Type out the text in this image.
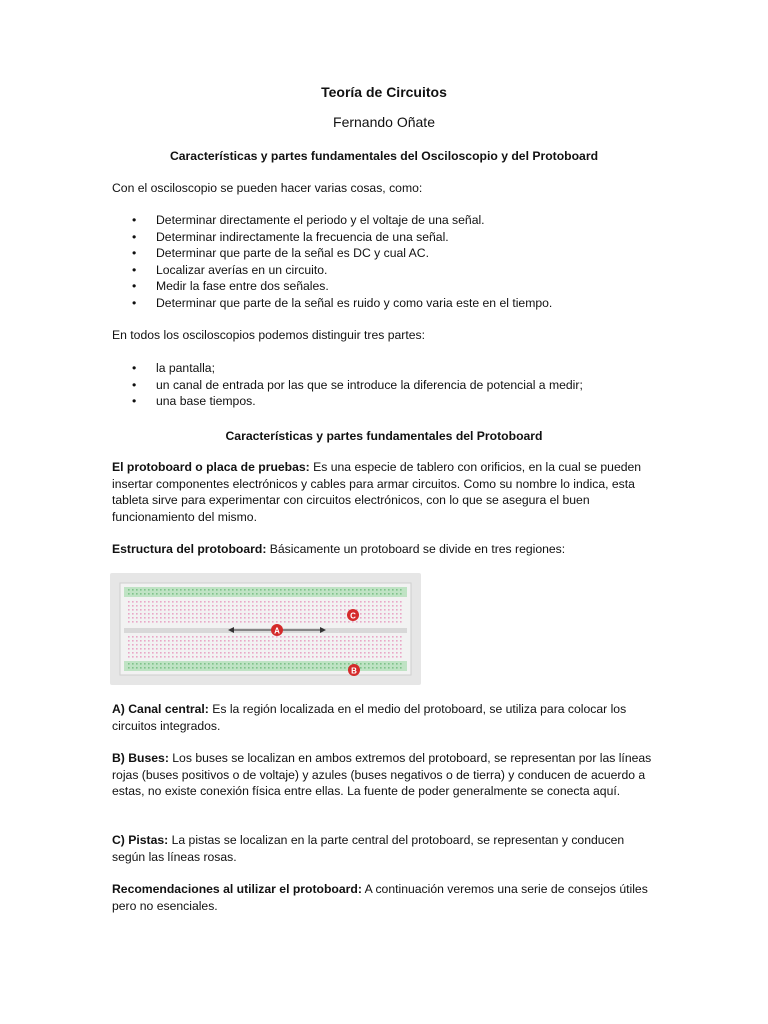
Teoría de Circuitos
Fernando Oñate
Características y partes fundamentales del Osciloscopio y del Protoboard
Con el osciloscopio se pueden hacer varias cosas, como:
• Determinar directamente el periodo y el voltaje de una señal.
• Determinar indirectamente la frecuencia de una señal.
• Determinar que parte de la señal es DC y cual AC.
• Localizar averías en un circuito.
• Medir la fase entre dos señales.
• Determinar que parte de la señal es ruido y como varia este en el tiempo.
En todos los osciloscopios podemos distinguir tres partes:
• la pantalla;
• un canal de entrada por las que se introduce la diferencia de potencial a medir;
• una base tiempos.
Características y partes fundamentales del Protoboard
El protoboard o placa de pruebas: Es una especie de tablero con orificios, en la cual se pueden insertar componentes electrónicos y cables para armar circuitos. Como su nombre lo indica, esta tableta sirve para experimentar con circuitos electrónicos, con lo que se asegura el buen funcionamiento del mismo.
Estructura del protoboard: Básicamente un protoboard se divide en tres regiones:
A
B
C
A) Canal central: Es la región localizada en el medio del protoboard, se utiliza para colocar los circuitos integrados.
B) Buses: Los buses se localizan en ambos extremos del protoboard, se representan por las líneas rojas (buses positivos o de voltaje) y azules (buses negativos o de tierra) y conducen de acuerdo a estas, no existe conexión física entre ellas. La fuente de poder generalmente se conecta aquí.
C) Pistas: La pistas se localizan en la parte central del protoboard, se representan y conducen según las líneas rosas.
Recomendaciones al utilizar el protoboard: A continuación veremos una serie de consejos útiles pero no esenciales.
